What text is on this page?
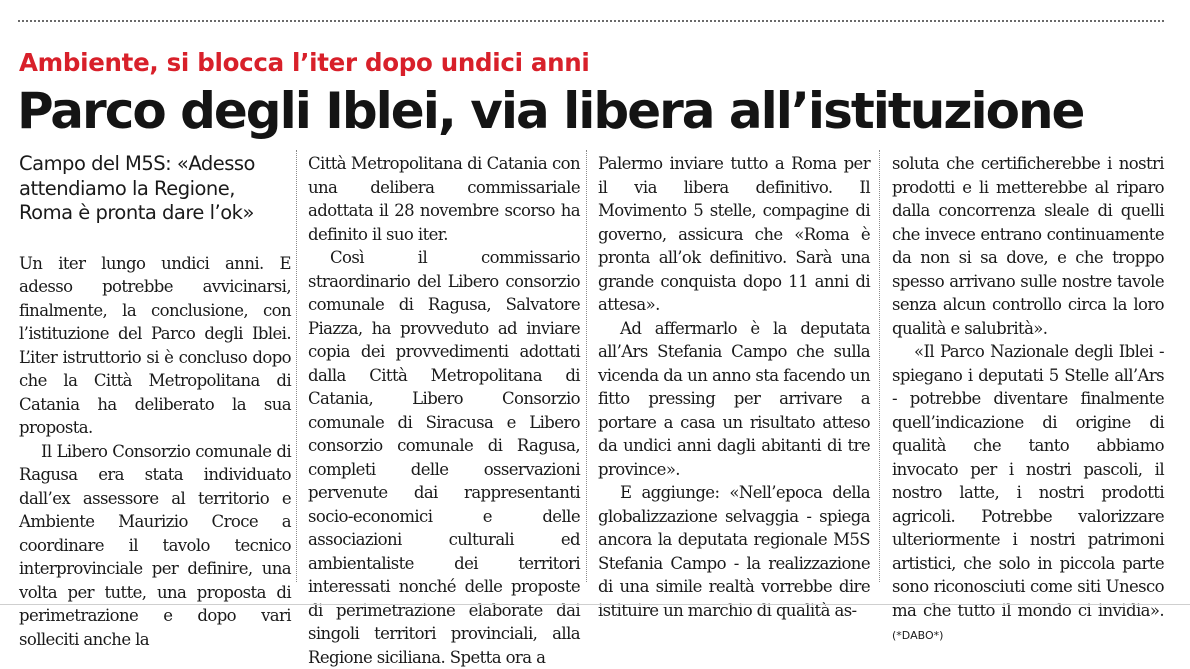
Ambiente, si blocca l’iter dopo undici anni
Parco degli Iblei, via libera all’istituzione
Campo del M5S: «Adesso attendiamo la Regione, Roma è pronta dare l’ok»

Un iter lungo undici anni. E adesso potrebbe avvicinarsi, finalmente, la conclusione, con l’istituzione del Parco degli Iblei. L’iter istruttorio si è concluso dopo che la Città Metropolitana di Catania ha deliberato la sua proposta.

Il Libero Consorzio comunale di Ragusa era stata individuato dall’ex assessore al territorio e Ambiente Maurizio Croce a coordinare il tavolo tecnico interprovinciale per definire, una volta per tutte, una proposta di perimetrazione e dopo vari solleciti anche la

Città Metropolitana di Catania con una delibera commissariale adottata il 28 novembre scorso ha definito il suo iter.

Così il commissario straordinario del Libero consorzio comunale di Ragusa, Salvatore Piazza, ha provveduto ad inviare copia dei provvedimenti adottati dalla Città Metropolitana di Catania, Libero Consorzio comunale di Siracusa e Libero consorzio comunale di Ragusa, completi delle osservazioni pervenute dai rappresentanti socio-economici e delle associazioni culturali ed ambientaliste dei territori interessati nonché delle proposte di perimetrazione elaborate dai singoli territori provinciali, alla Regione siciliana. Spetta ora a

Palermo inviare tutto a Roma per il via libera definitivo. Il Movimento 5 stelle, compagine di governo, assicura che «Roma è pronta all’ok definitivo. Sarà una grande conquista dopo 11 anni di attesa».

Ad affermarlo è la deputata all’Ars Stefania Campo che sulla vicenda da un anno sta facendo un fitto pressing per arrivare a portare a casa un risultato atteso da undici anni dagli abitanti di tre province».

E aggiunge: «Nell’epoca della globalizzazione selvaggia - spiega ancora la deputata regionale M5S Stefania Campo - la realizzazione di una simile realtà vorrebbe dire istituire un marchio di qualità as-

soluta che certificherebbe i nostri prodotti e li metterebbe al riparo dalla concorrenza sleale di quelli che invece entrano continuamente da non si sa dove, e che troppo spesso arrivano sulle nostre tavole senza alcun controllo circa la loro qualità e salubrità».

«Il Parco Nazionale degli Iblei - spiegano i deputati 5 Stelle all’Ars - potrebbe diventare finalmente quell’indicazione di origine di qualità che tanto abbiamo invocato per i nostri pascoli, il nostro latte, i nostri prodotti agricoli. Potrebbe valorizzare ulteriormente i nostri patrimoni artistici, che solo in piccola parte sono riconosciuti come siti Unesco ma che tutto il mondo ci invidia». (*DABO*)
